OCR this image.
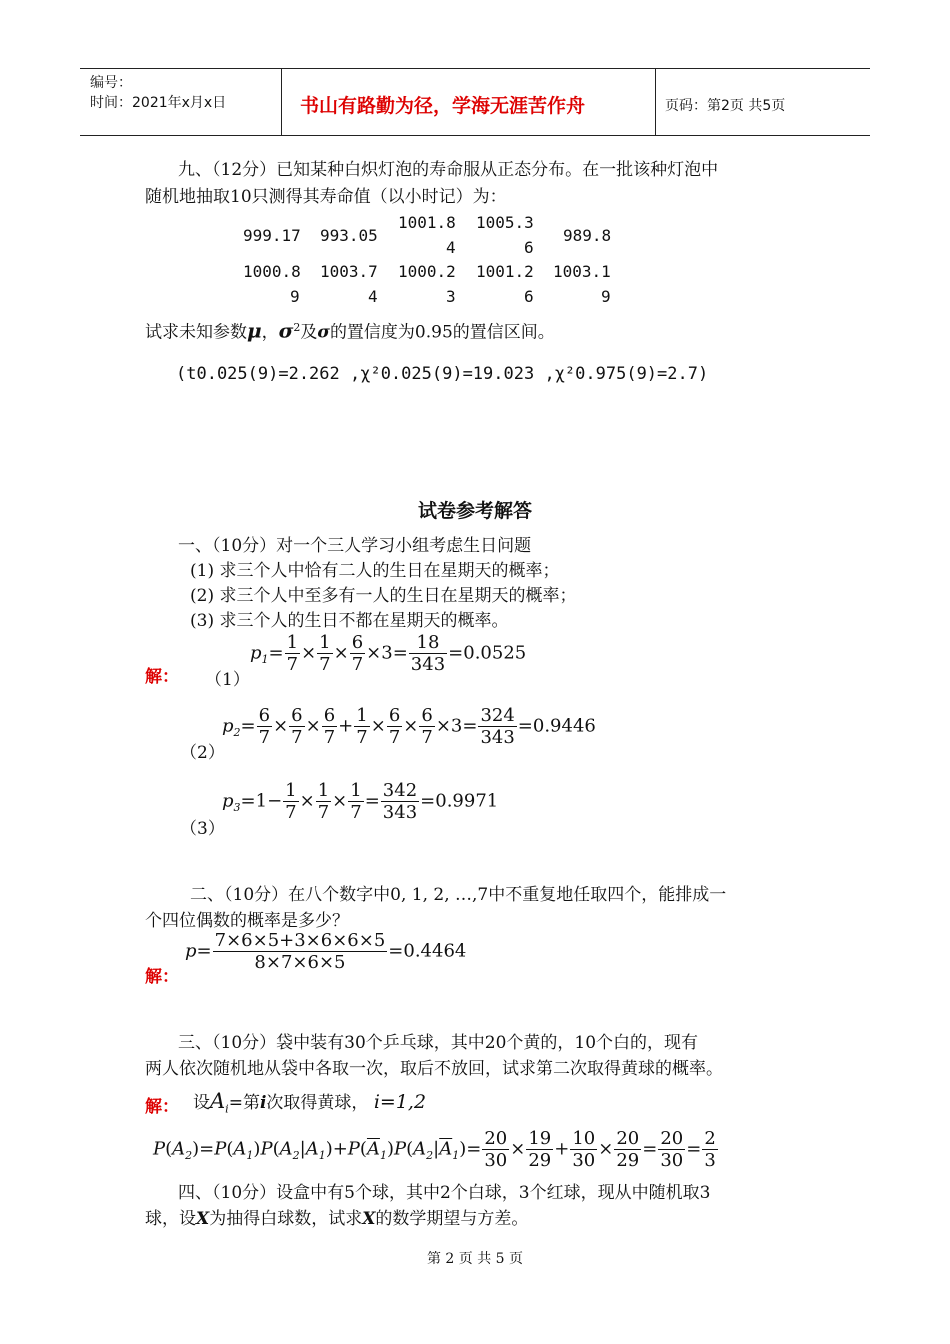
编号：
时间：2021年x月x日	书山有路勤为径，学海无涯苦作舟	页码：第2页 共5页
九、（12分）已知某种白炽灯泡的寿命服从正态分布。在一批该种灯泡中
随机地抽取10只测得其寿命值（以小时记）为：
999.17 993.05
1001.8
4
1005.3
6
989.8
1000.8
9
1003.7
4
1000.2
3
1001.2
6
1003.1
9
试求未知参数μ，$\sigma^2$及σ的置信度为0.95的置信区间。
(t0.025(9)=2.262 ,χ²0.025(9)=19.023 ,χ²0.975(9)=2.7)
试卷参考解答
一、（10分）对一个三人学习小组考虑生日问题
(1) 求三个人中恰有二人的生日在星期天的概率；
(2) 求三个人中至多有一人的生日在星期天的概率；
(3) 求三个人的生日不都在星期天的概率。
解： （1）
$p_1= \frac{1}{7} \times \frac{1}{7} \times \frac{6}{7} \times 3= \frac{18}{343} =0.0525$
（2）
$p_2= \frac{6}{7} \times \frac{6}{7} \times \frac{6}{7} + \frac{1}{7} \times \frac{6}{7} \times \frac{6}{7} \times 3= \frac{324}{343} =0.9446$
（3）
$p_3=1- \frac{1}{7} \times \frac{1}{7} \times \frac{1}{7} = \frac{342}{343} =0.9971$
二、（10分）在八个数字中0, 1, 2, …,7中不重复地任取四个，能排成一
个四位偶数的概率是多少？
解：
$p= \frac{7\times 6\times 5+3\times 6\times 6\times 5}{8\times 7\times 6\times 5} =0.4464$
三、（10分）袋中装有30个乒乓球，其中20个黄的，10个白的，现有
两人依次随机地从袋中各取一次，取后不放回，试求第二次取得黄球的概率。
解： 设$A_i=$第i次取得黄球， i=1,2
$P(A_2)=P(A_1)P(A_2|A_1)+P(\overline{A}_1)P(A_2|\overline{A}_1)= \frac{20}{30} \times \frac{19}{29} + \frac{10}{30} \times \frac{20}{29} = \frac{20}{30} = \frac{2}{3}$
四、（10分）设盒中有5个球，其中2个白球，3个红球，现从中随机取3
球，设X为抽得白球数，试求X的数学期望与方差。
第 2 页 共 5 页
